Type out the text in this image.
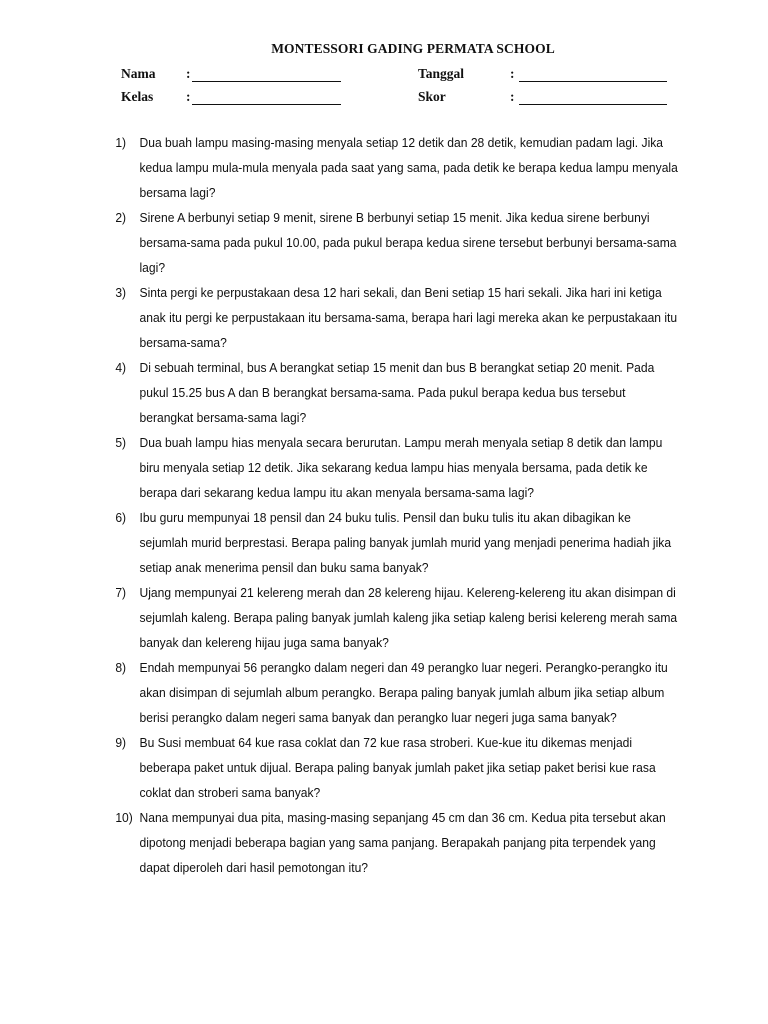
MONTESSORI GADING PERMATA SCHOOL
Nama :	Tanggal	:
Kelas :	Skor	:
1) Dua buah lampu masing-masing menyala setiap 12 detik dan 28 detik, kemudian padam lagi. Jika kedua lampu mula-mula menyala pada saat yang sama, pada detik ke berapa kedua lampu menyala bersama lagi?
2) Sirene A berbunyi setiap 9 menit, sirene B berbunyi setiap 15 menit. Jika kedua sirene berbunyi bersama-sama pada pukul 10.00, pada pukul berapa kedua sirene tersebut berbunyi bersama-sama lagi?
3) Sinta pergi ke perpustakaan desa 12 hari sekali, dan Beni setiap 15 hari sekali. Jika hari ini ketiga anak itu pergi ke perpustakaan itu bersama-sama, berapa hari lagi mereka akan ke perpustakaan itu bersama-sama?
4) Di sebuah terminal, bus A berangkat setiap 15 menit dan bus B berangkat setiap 20 menit. Pada pukul 15.25 bus A dan B berangkat bersama-sama. Pada pukul berapa kedua bus tersebut berangkat bersama-sama lagi?
5) Dua buah lampu hias menyala secara berurutan. Lampu merah menyala setiap 8 detik dan lampu biru menyala setiap 12 detik. Jika sekarang kedua lampu hias menyala bersama, pada detik ke berapa dari sekarang kedua lampu itu akan menyala bersama-sama lagi?
6) Ibu guru mempunyai 18 pensil dan 24 buku tulis. Pensil dan buku tulis itu akan dibagikan ke sejumlah murid berprestasi. Berapa paling banyak jumlah murid yang menjadi penerima hadiah jika setiap anak menerima pensil dan buku sama banyak?
7) Ujang mempunyai 21 kelereng merah dan 28 kelereng hijau. Kelereng-kelereng itu akan disimpan di sejumlah kaleng. Berapa paling banyak jumlah kaleng jika setiap kaleng berisi kelereng merah sama banyak dan kelereng hijau juga sama banyak?
8) Endah mempunyai 56 perangko dalam negeri dan 49 perangko luar negeri. Perangko-perangko itu akan disimpan di sejumlah album perangko. Berapa paling banyak jumlah album jika setiap album berisi perangko dalam negeri sama banyak dan perangko luar negeri juga sama banyak?
9) Bu Susi membuat 64 kue rasa coklat dan 72 kue rasa stroberi. Kue-kue itu dikemas menjadi beberapa paket untuk dijual. Berapa paling banyak jumlah paket jika setiap paket berisi kue rasa coklat dan stroberi sama banyak?
10) Nana mempunyai dua pita, masing-masing sepanjang 45 cm dan 36 cm. Kedua pita tersebut akan dipotong menjadi beberapa bagian yang sama panjang. Berapakah panjang pita terpendek yang dapat diperoleh dari hasil pemotongan itu?
